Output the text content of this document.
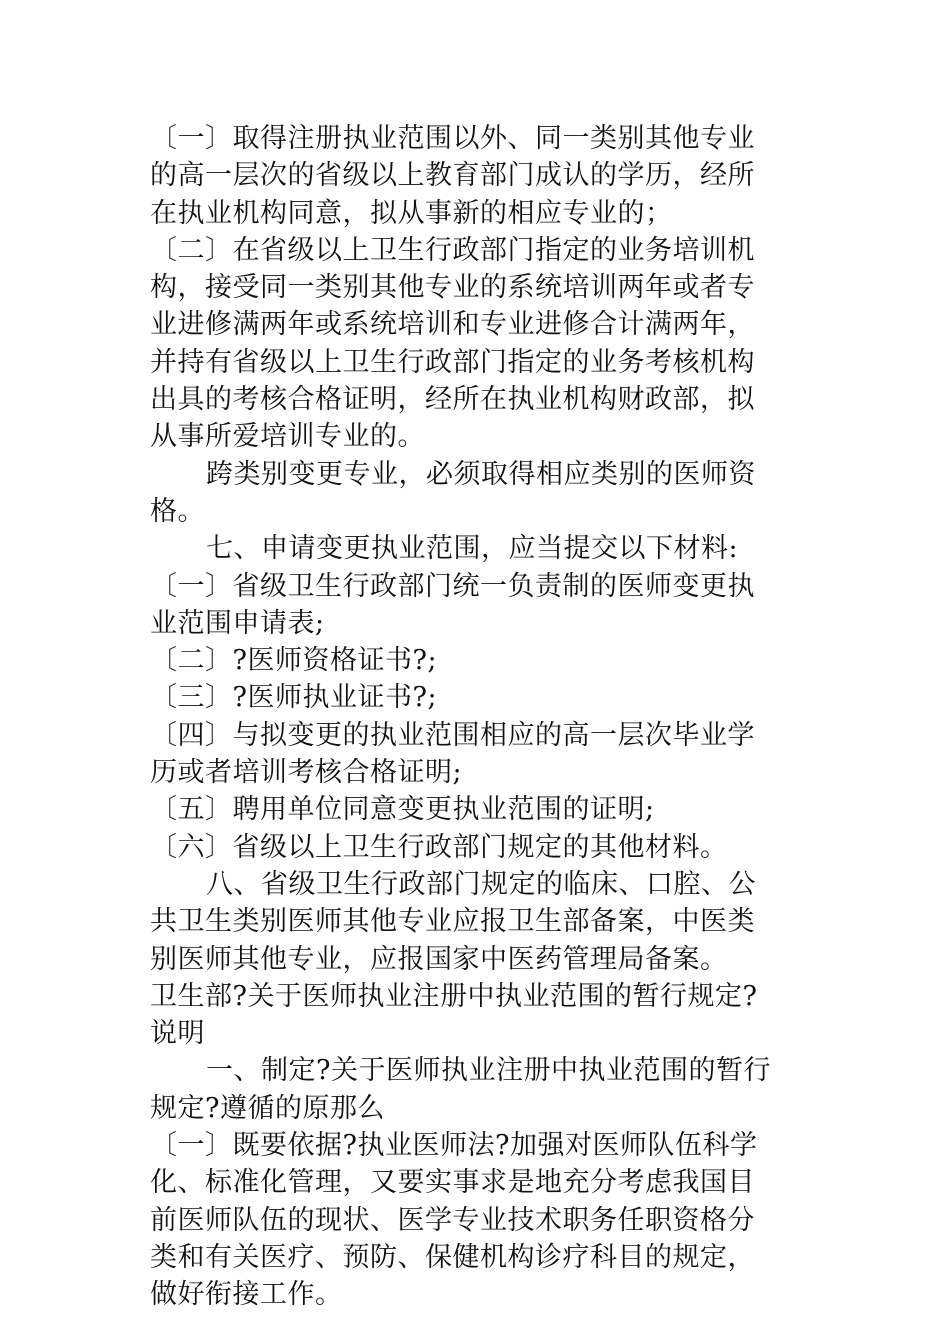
〔一〕取得注册执业范围以外、同一类别其他专业
的高一层次的省级以上教育部门成认的学历，经所
在执业机构同意，拟从事新的相应专业的；
〔二〕在省级以上卫生行政部门指定的业务培训机
构，接受同一类别其他专业的系统培训两年或者专
业进修满两年或系统培训和专业进修合计满两年，
并持有省级以上卫生行政部门指定的业务考核机构
出具的考核合格证明，经所在执业机构财政部，拟
从事所爱培训专业的。
跨类别变更专业，必须取得相应类别的医师资
格。
七、申请变更执业范围，应当提交以下材料:
〔一〕省级卫生行政部门统一负责制的医师变更执
业范围申请表;
〔二〕?医师资格证书?;
〔三〕?医师执业证书?;
〔四〕与拟变更的执业范围相应的高一层次毕业学
历或者培训考核合格证明;
〔五〕聘用单位同意变更执业范围的证明;
〔六〕省级以上卫生行政部门规定的其他材料。
八、省级卫生行政部门规定的临床、口腔、公
共卫生类别医师其他专业应报卫生部备案，中医类
别医师其他专业，应报国家中医药管理局备案。
卫生部?关于医师执业注册中执业范围的暂行规定?
说明
一、制定?关于医师执业注册中执业范围的暂行
规定?遵循的原那么
〔一〕既要依据?执业医师法?加强对医师队伍科学
化、标准化管理，又要实事求是地充分考虑我国目
前医师队伍的现状、医学专业技术职务任职资格分
类和有关医疗、预防、保健机构诊疗科目的规定，
做好衔接工作。
